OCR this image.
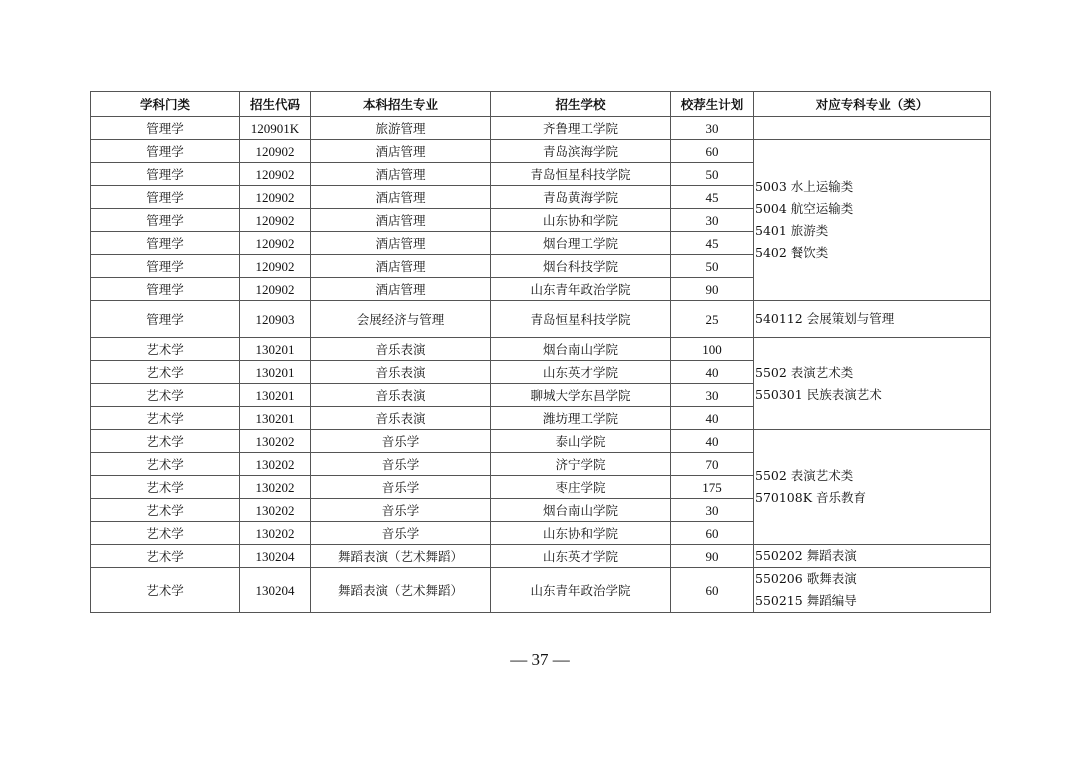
学科门类	招生代码	本科招生专业	招生学校	校荐生计划	对应专科专业（类）
管理学	120901K	旅游管理	齐鲁理工学院	30	
管理学	120902	酒店管理	青岛滨海学院	60	5003 水上运输类
5004 航空运输类
5401 旅游类
5402 餐饮类

管理学	120902	酒店管理	青岛恒星科技学院	50	
管理学	120902	酒店管理	青岛黄海学院	45	
管理学	120902	酒店管理	山东协和学院	30	
管理学	120902	酒店管理	烟台理工学院	45	
管理学	120902	酒店管理	烟台科技学院	50	
管理学	120902	酒店管理	山东青年政治学院	90	
管理学	120903	会展经济与管理	青岛恒星科技学院	25	540112 会展策划与管理

艺术学	130201	音乐表演	烟台南山学院	100	5502 表演艺术类
550301 民族表演艺术

艺术学	130201	音乐表演	山东英才学院	40	
艺术学	130201	音乐表演	聊城大学东昌学院	30	
艺术学	130201	音乐表演	潍坊理工学院	40	
艺术学	130202	音乐学	泰山学院	40	5502 表演艺术类
570108K 音乐教育

艺术学	130202	音乐学	济宁学院	70	
艺术学	130202	音乐学	枣庄学院	175	
艺术学	130202	音乐学	烟台南山学院	30	
艺术学	130202	音乐学	山东协和学院	60	
艺术学	130204	舞蹈表演（艺术舞蹈）	山东英才学院	90	550202 舞蹈表演

艺术学	130204	舞蹈表演（艺术舞蹈）	山东青年政治学院	60	550206 歌舞表演
550215 舞蹈编导
— 37 —
